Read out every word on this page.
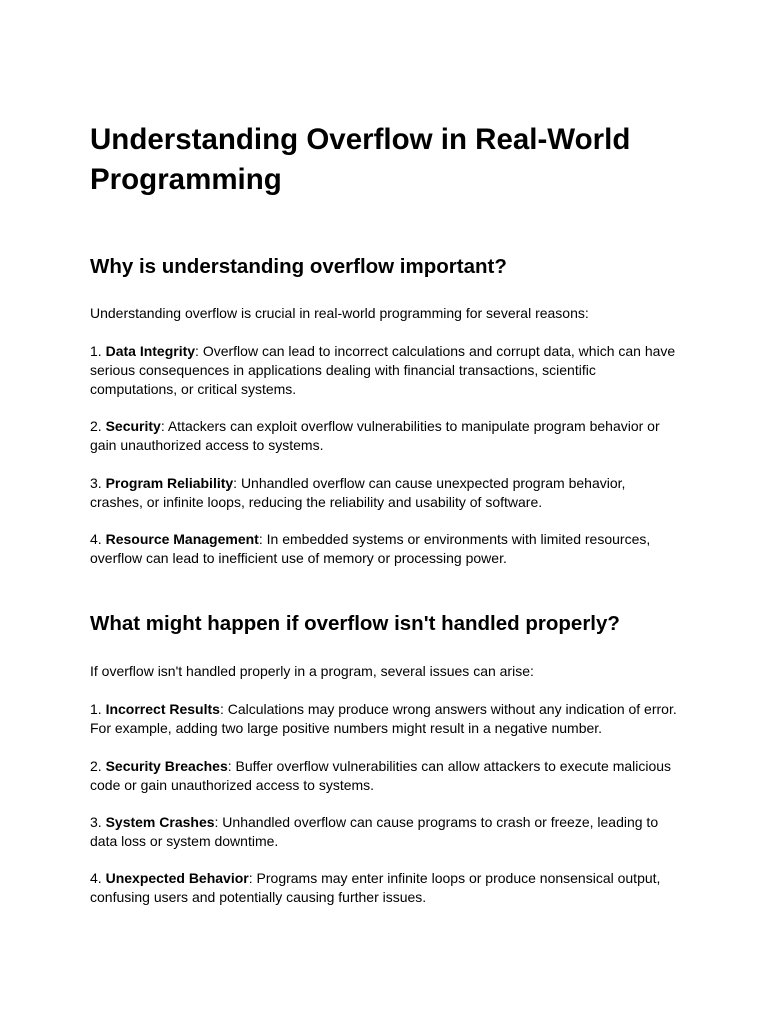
Understanding Overflow in Real-World Programming
Why is understanding overflow important?

Understanding overflow is crucial in real-world programming for several reasons:

1. Data Integrity: Overflow can lead to incorrect calculations and corrupt data, which can have serious consequences in applications dealing with financial transactions, scientific computations, or critical systems.

2. Security: Attackers can exploit overflow vulnerabilities to manipulate program behavior or gain unauthorized access to systems.

3. Program Reliability: Unhandled overflow can cause unexpected program behavior, crashes, or infinite loops, reducing the reliability and usability of software.

4. Resource Management: In embedded systems or environments with limited resources, overflow can lead to inefficient use of memory or processing power.

What might happen if overflow isn't handled properly?

If overflow isn't handled properly in a program, several issues can arise:

1. Incorrect Results: Calculations may produce wrong answers without any indication of error. For example, adding two large positive numbers might result in a negative number.

2. Security Breaches: Buffer overflow vulnerabilities can allow attackers to execute malicious code or gain unauthorized access to systems.

3. System Crashes: Unhandled overflow can cause programs to crash or freeze, leading to data loss or system downtime.

4. Unexpected Behavior: Programs may enter infinite loops or produce nonsensical output, confusing users and potentially causing further issues.
